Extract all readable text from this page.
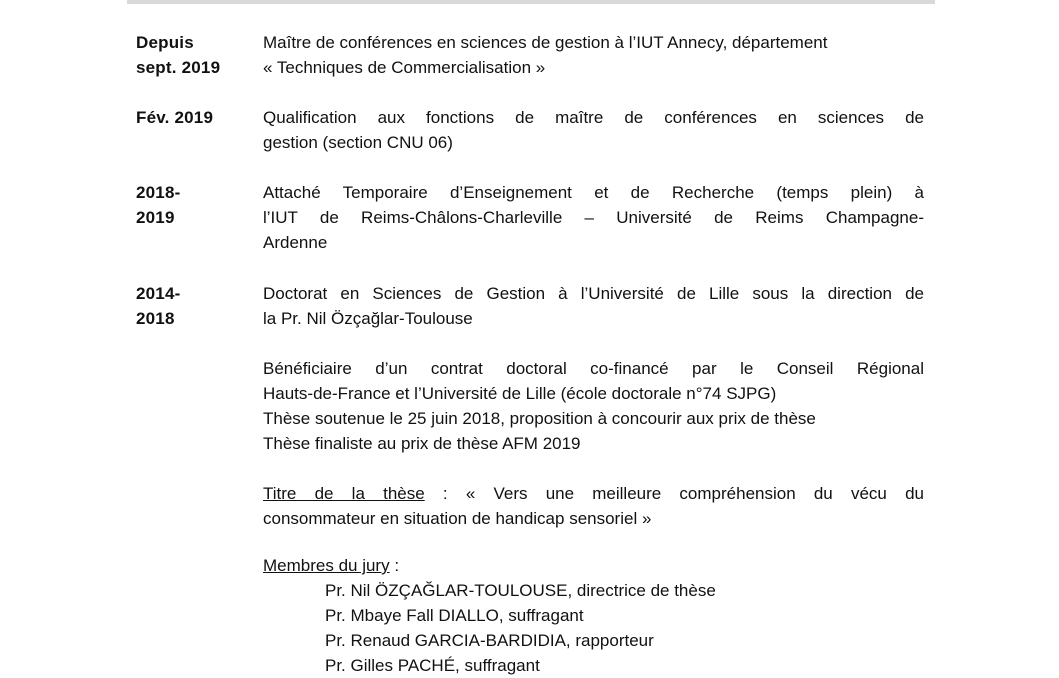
Depuis
sept. 2019
Maître de conférences en sciences de gestion à l’IUT Annecy, département
« Techniques de Commercialisation »
Fév. 2019	Qualification aux fonctions de maître de conférences en sciences de
gestion (section CNU 06)
2018-
2019
Attaché Temporaire d’Enseignement et de Recherche (temps plein) à
l’IUT de Reims-Châlons-Charleville – Université de Reims Champagne-
Ardenne
2014-
2018
Doctorat en Sciences de Gestion à l’Université de Lille sous la direction de
la Pr. Nil Özçağlar-Toulouse
Bénéficiaire d’un contrat doctoral co-financé par le Conseil Régional
Hauts-de-France et l’Université de Lille (école doctorale n°74 SJPG)
Thèse soutenue le 25 juin 2018, proposition à concourir aux prix de thèse
Thèse finaliste au prix de thèse AFM 2019
Titre de la thèse : « Vers une meilleure compréhension du vécu du
consommateur en situation de handicap sensoriel »
Membres du jury :
Pr. Nil ÖZÇAĞLAR-TOULOUSE, directrice de thèse
Pr. Mbaye Fall DIALLO, suffragant
Pr. Renaud GARCIA-BARDIDIA, rapporteur
Pr. Gilles PACHÉ, suffragant
